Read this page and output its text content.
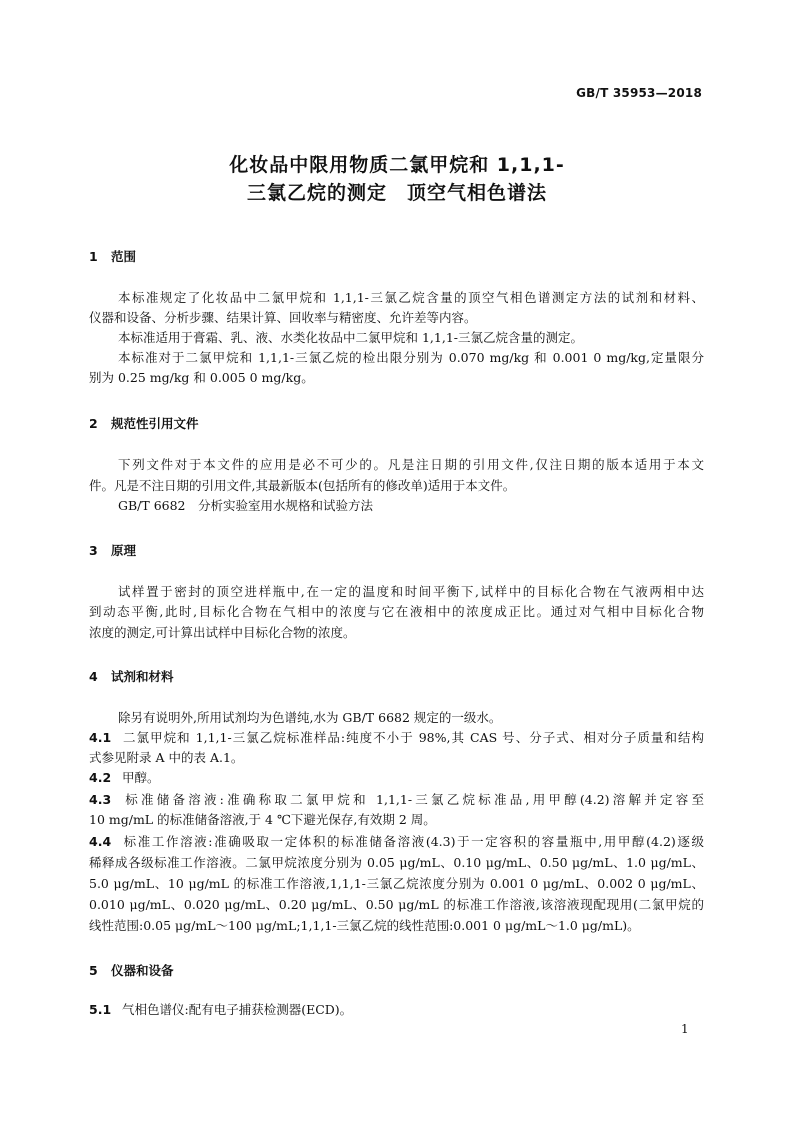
GB/T 35953—2018
化妆品中限用物质二氯甲烷和 1,1,1-
三氯乙烷的测定　顶空气相色谱法
1 范围
本标准规定了化妆品中二氯甲烷和 1,1,1-三氯乙烷含量的顶空气相色谱测定方法的试剂和材料、
仪器和设备、分析步骤、结果计算、回收率与精密度、允许差等内容。
本标准适用于膏霜、乳、液、水类化妆品中二氯甲烷和 1,1,1-三氯乙烷含量的测定。
本标准对于二氯甲烷和 1,1,1-三氯乙烷的检出限分别为 0.070 mg/kg 和 0.001 0 mg/kg,定量限分
别为 0.25 mg/kg 和 0.005 0 mg/kg。
2 规范性引用文件
下列文件对于本文件的应用是必不可少的。凡是注日期的引用文件,仅注日期的版本适用于本文
件。凡是不注日期的引用文件,其最新版本(包括所有的修改单)适用于本文件。
GB/T 6682　分析实验室用水规格和试验方法
3 原理
试样置于密封的顶空进样瓶中,在一定的温度和时间平衡下,试样中的目标化合物在气液两相中达
到动态平衡,此时,目标化合物在气相中的浓度与它在液相中的浓度成正比。通过对气相中目标化合物
浓度的测定,可计算出试样中目标化合物的浓度。
4 试剂和材料
除另有说明外,所用试剂均为色谱纯,水为 GB/T 6682 规定的一级水。
4.1 二氯甲烷和 1,1,1-三氯乙烷标准样品:纯度不小于 98%,其 CAS 号、分子式、相对分子质量和结构
式参见附录 A 中的表 A.1。
4.2 甲醇。
4.3 标准储备溶液:准确称取二氯甲烷和 1,1,1-三氯乙烷标准品,用甲醇(4.2)溶解并定容至
10 mg/mL 的标准储备溶液,于 4 ℃下避光保存,有效期 2 周。
4.4 标准工作溶液:准确吸取一定体积的标准储备溶液(4.3)于一定容积的容量瓶中,用甲醇(4.2)逐级
稀释成各级标准工作溶液。二氯甲烷浓度分别为 0.05 μg/mL、0.10 μg/mL、0.50 μg/mL、1.0 μg/mL、
5.0 μg/mL、10 μg/mL 的标准工作溶液,1,1,1-三氯乙烷浓度分别为 0.001 0 μg/mL、0.002 0 μg/mL、
0.010 μg/mL、0.020 μg/mL、0.20 μg/mL、0.50 μg/mL 的标准工作溶液,该溶液现配现用(二氯甲烷的
线性范围:0.05 μg/mL～100 μg/mL;1,1,1-三氯乙烷的线性范围:0.001 0 μg/mL～1.0 μg/mL)。
5 仪器和设备
5.1 气相色谱仪:配有电子捕获检测器(ECD)。
1
